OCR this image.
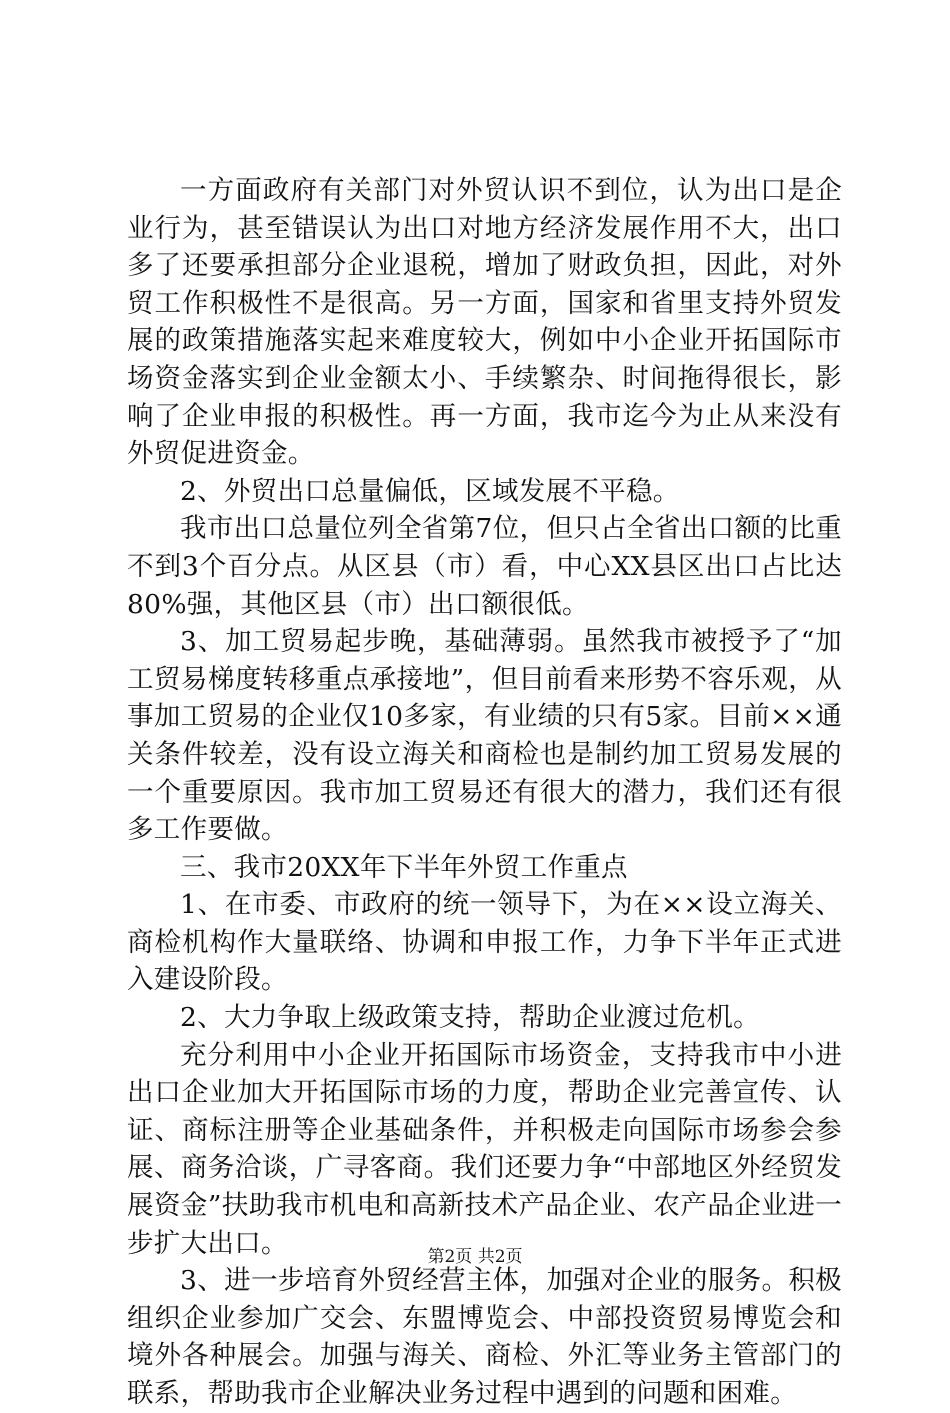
一方面政府有关部门对外贸认识不到位，认为出口是企业行为，甚至错误认为出口对地方经济发展作用不大，出口多了还要承担部分企业退税，增加了财政负担，因此，对外贸工作积极性不是很高。另一方面，国家和省里支持外贸发展的政策措施落实起来难度较大，例如中小企业开拓国际市场资金落实到企业金额太小、手续繁杂、时间拖得很长，影响了企业申报的积极性。再一方面，我市迄今为止从来没有外贸促进资金。

2、外贸出口总量偏低，区域发展不平稳。

我市出口总量位列全省第7位，但只占全省出口额的比重不到3个百分点。从区县（市）看，中心XX县区出口占比达80%强，其他区县（市）出口额很低。

3、加工贸易起步晚，基础薄弱。虽然我市被授予了“加工贸易梯度转移重点承接地”，但目前看来形势不容乐观，从事加工贸易的企业仅10多家，有业绩的只有5家。目前××通关条件较差，没有设立海关和商检也是制约加工贸易发展的一个重要原因。我市加工贸易还有很大的潜力，我们还有很多工作要做。

三、我市20XX年下半年外贸工作重点

1、在市委、市政府的统一领导下，为在××设立海关、商检机构作大量联络、协调和申报工作，力争下半年正式进入建设阶段。

2、大力争取上级政策支持，帮助企业渡过危机。

充分利用中小企业开拓国际市场资金，支持我市中小进出口企业加大开拓国际市场的力度，帮助企业完善宣传、认证、商标注册等企业基础条件，并积极走向国际市场参会参展、商务洽谈，广寻客商。我们还要力争“中部地区外经贸发展资金”扶助我市机电和高新技术产品企业、农产品企业进一步扩大出口。

3、进一步培育外贸经营主体，加强对企业的服务。积极组织企业参加广交会、东盟博览会、中部投资贸易博览会和境外各种展会。加强与海关、商检、外汇等业务主管部门的联系，帮助我市企业解决业务过程中遇到的问题和困难。

第2页 共2页
